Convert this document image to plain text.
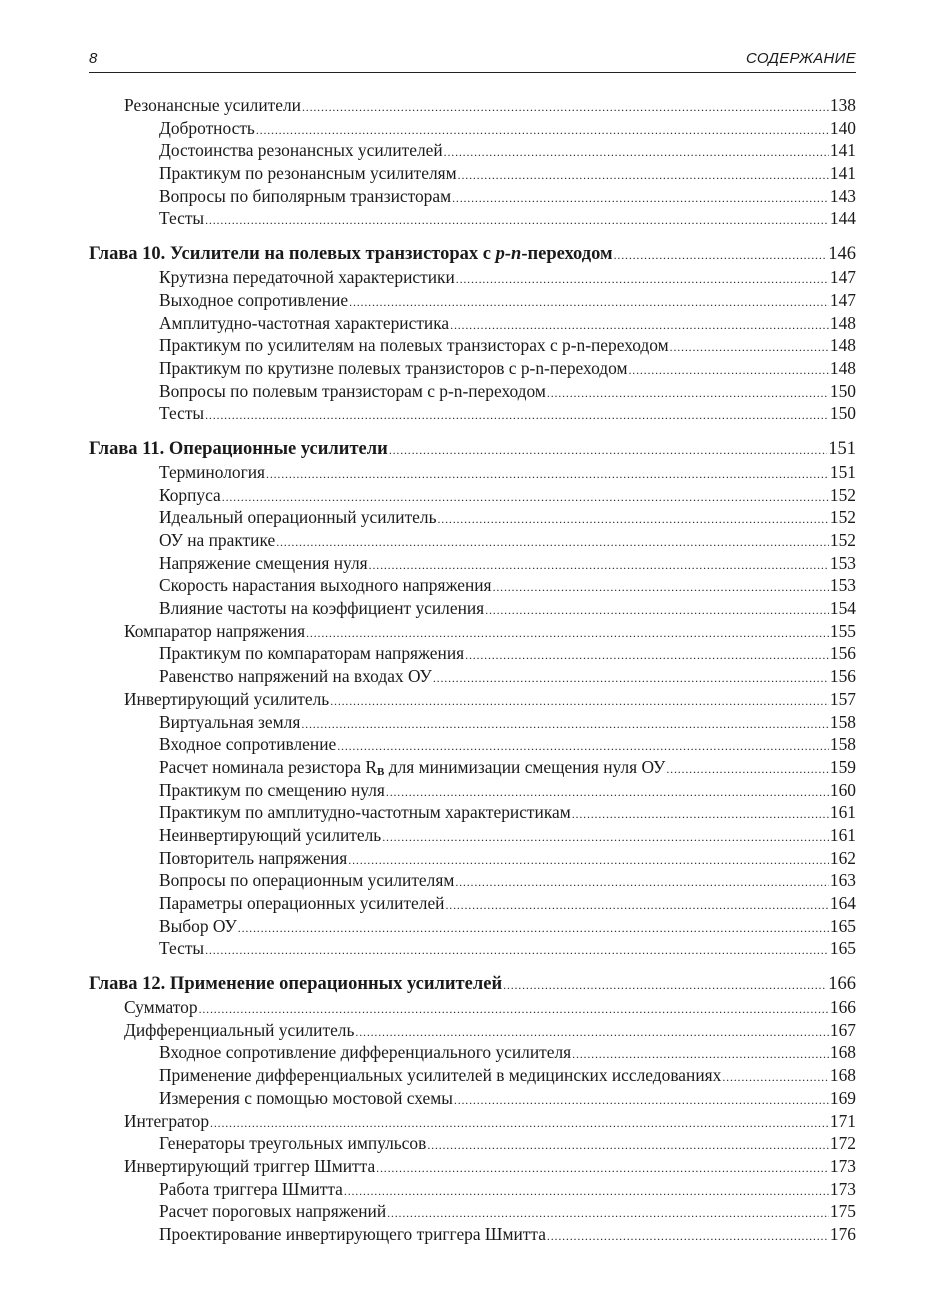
8	СОДЕРЖАНИЕ
Резонансные усилители .....	138
Добротность .....	140
Достоинства резонансных усилителей .....	141
Практикум по резонансным усилителям .....	141
Вопросы по биполярным транзисторам .....	143
Тесты .....	144
Глава 10. Усилители на полевых транзисторах с p-n-переходом .....	146
Крутизна передаточной характеристики .....	147
Выходное сопротивление .....	147
Амплитудно-частотная характеристика .....	148
Практикум по усилителям на полевых транзисторах с p-n-переходом .....	148
Практикум по крутизне полевых транзисторов с p-n-переходом .....	148
Вопросы по полевым транзисторам с p-n-переходом .....	150
Тесты .....	150
Глава 11. Операционные усилители .....	151
Терминология .....	151
Корпуса .....	152
Идеальный операционный усилитель .....	152
ОУ на практике .....	152
Напряжение смещения нуля .....	153
Скорость нарастания выходного напряжения .....	153
Влияние частоты на коэффициент усиления .....	154
Компаратор напряжения .....	155
Практикум по компараторам напряжения .....	156
Равенство напряжений на входах ОУ .....	156
Инвертирующий усилитель .....	157
Виртуальная земля .....	158
Входное сопротивление .....	158
Расчет номинала резистора $R_B$ для минимизации смещения нуля ОУ .....	159
Практикум по смещению нуля .....	160
Практикум по амплитудно-частотным характеристикам .....	161
Неинвертирующий усилитель .....	161
Повторитель напряжения .....	162
Вопросы по операционным усилителям .....	163
Параметры операционных усилителей .....	164
Выбор ОУ .....	165
Тесты .....	165
Глава 12. Применение операционных усилителей .....	166
Сумматор .....	166
Дифференциальный усилитель .....	167
Входное сопротивление дифференциального усилителя .....	168
Применение дифференциальных усилителей в медицинских исследованиях .....	168
Измерения с помощью мостовой схемы .....	169
Интегратор .....	171
Генераторы треугольных импульсов .....	172
Инвертирующий триггер Шмитта .....	173
Работа триггера Шмитта .....	173
Расчет пороговых напряжений .....	175
Проектирование инвертирующего триггера Шмитта .....	176
